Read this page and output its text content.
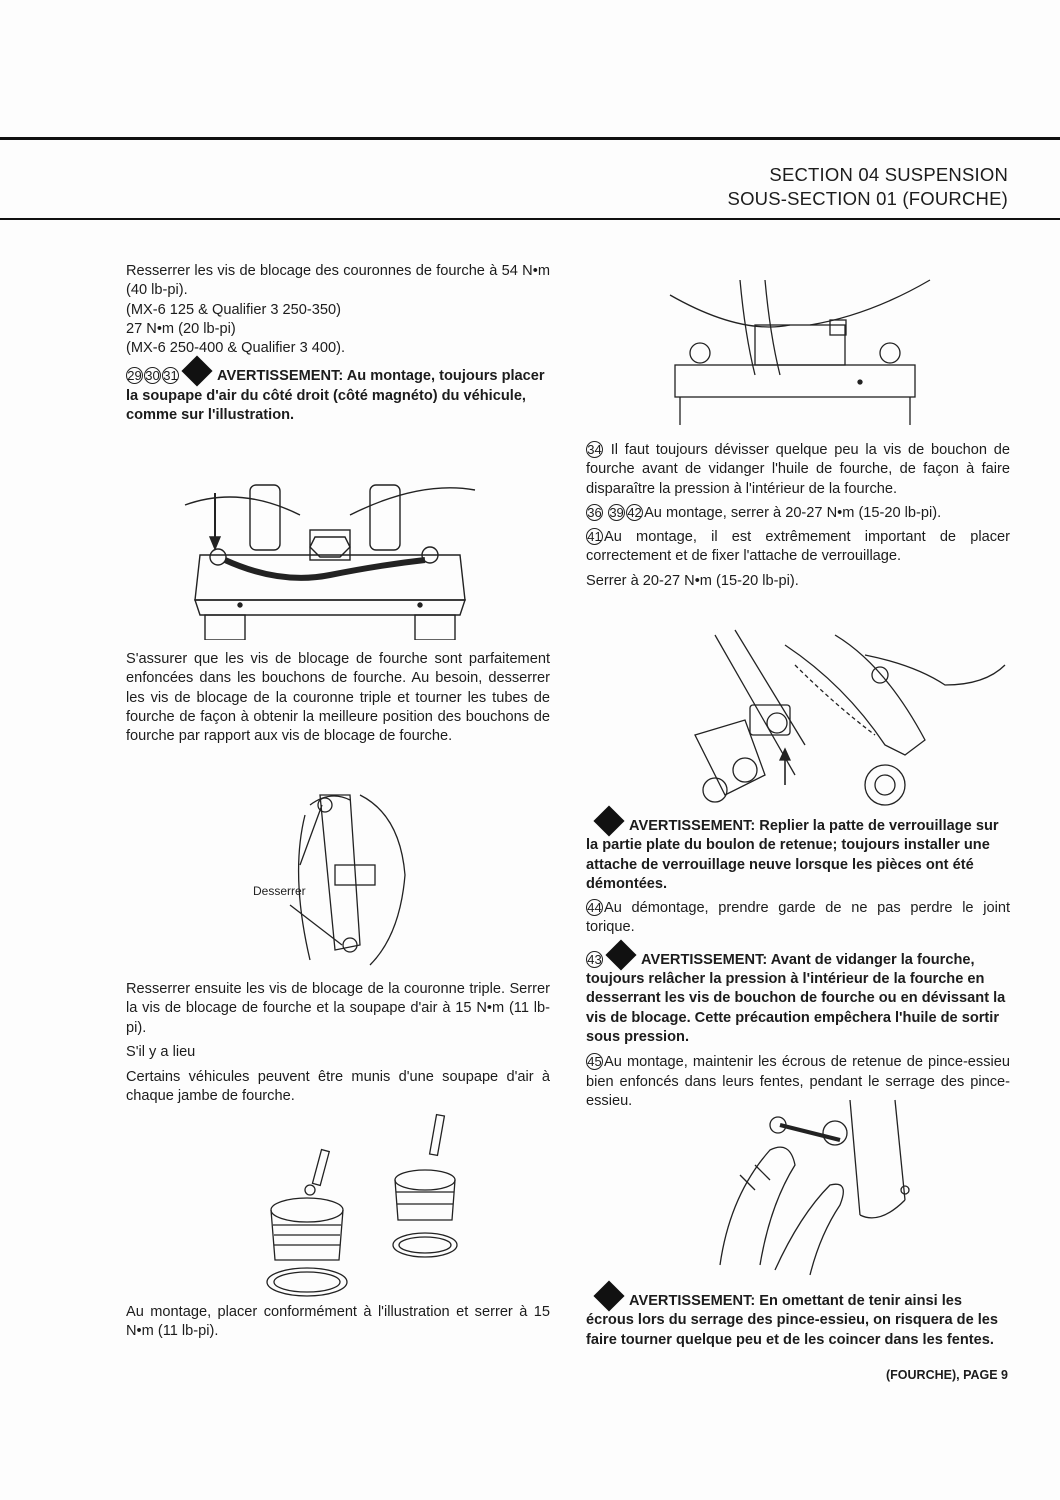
SECTION 04 SUSPENSION
SOUS-SECTION 01 (FOURCHE)

Resserrer les vis de blocage des couronnes de fourche à 54 N•m (40 lb-pi).

(MX-6 125 & Qualifier 3 250-350)

27 N•m (20 lb-pi)

(MX-6 250-400 & Qualifier 3 400).

29 30 31	AVERTISSEMENT: Au montage, toujours placer la soupape d'air du côté droit (côté magnéto) du véhicule, comme sur l'illustration.

S'assurer que les vis de blocage de fourche sont parfaitement enfoncées dans les bouchons de fourche. Au besoin, desserrer les vis de blocage de la couronne triple et tourner les tubes de fourche de façon à obtenir la meilleure position des bouchons de fourche par rapport aux vis de blocage de fourche.

Desserrer

Resserrer ensuite les vis de blocage de la couronne triple. Serrer la vis de blocage de fourche et la soupape d'air à 15 N•m (11 lb-pi).

S'il y a lieu

Certains véhicules peuvent être munis d'une soupape d'air à chaque jambe de fourche.

Au montage, placer conformément à l'illustration et serrer à 15 N•m (11 lb-pi).

34 Il faut toujours dévisser quelque peu la vis de bouchon de fourche avant de vidanger l'huile de fourche, de façon à faire disparaître la pression à l'intérieur de la fourche.

36 39 42 Au montage, serrer à 20-27 N•m (15-20 lb-pi).

41 Au montage, il est extrêmement important de placer correctement et de fixer l'attache de verrouillage.

Serrer à 20-27 N•m (15-20 lb-pi).

AVERTISSEMENT: Replier la patte de verrouillage sur la partie plate du boulon de retenue; toujours installer une attache de verrouillage neuve lorsque les pièces ont été démontées.

44 Au démontage, prendre garde de ne pas perdre le joint torique.

43	AVERTISSEMENT: Avant de vidanger la fourche, toujours relâcher la pression à l'intérieur de la fourche en desserrant les vis de bouchon de fourche ou en dévissant la vis de blocage. Cette précaution empêchera l'huile de sortir sous pression.

45 Au montage, maintenir les écrous de retenue de pince-essieu bien enfoncés dans leurs fentes, pendant le serrage des pince-essieu.

AVERTISSEMENT: En omettant de tenir ainsi les écrous lors du serrage des pince-essieu, on risquera de les faire tourner quelque peu et de les coincer dans les fentes.

(FOURCHE), PAGE 9
